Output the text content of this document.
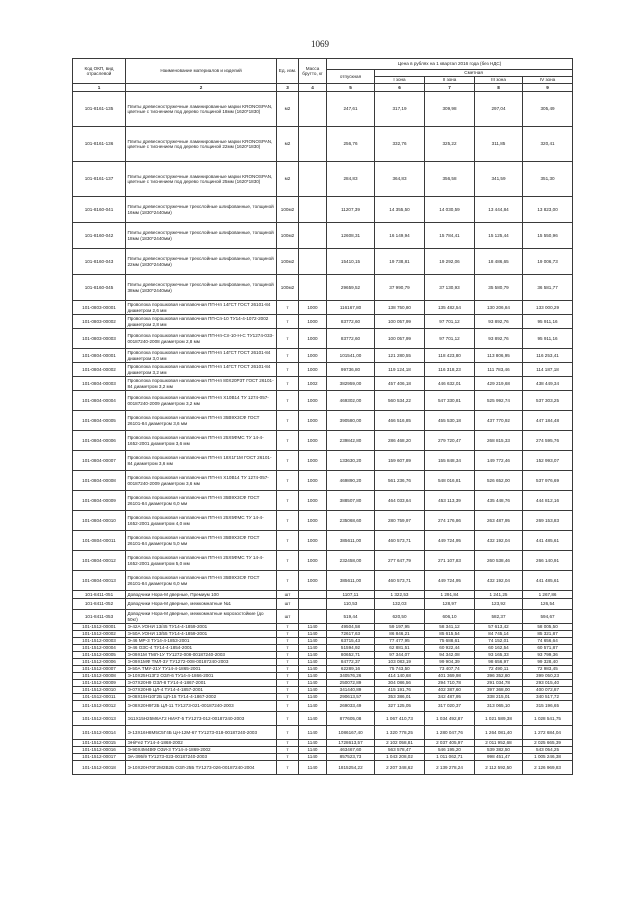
1069
Код ОКП, вид отраслевой	Наименование материалов и изделий	Ед. изм.	Масса брутто, кг	Цена в рублях на 1 квартал 2016 года (без НДС)				
				отпускная	Сметная			
					I зона	II зона	III зона	IV зона
1	2	3	4	5	6	7	8	9
101-8161-135	Плиты древесностружечные ламинированные марки KRONOSPAN, цветные с тиснением под дерево толщиной 18мм (1620*1830)	м2		247,61	317,19	309,98	297,04	305,49
101-8161-136	Плиты древесностружечные ламинированные марки KRONOSPAN, цветные с тиснением под дерево толщиной 22мм (1620*1830)	м2		256,76	332,76	325,22	311,85	320,41
101-8161-137	Плиты древесностружечные ламинированные марки KRONOSPAN, цветные с тиснением под дерево толщиной 25мм (1620*1830)	м2		284,83	364,83	356,58	341,59	351,30
101-8160-041	Плиты древесностружечные трехслойные шлифованные, толщиной 16мм (1830*2440мм)	100м2		11207,39	14 355,50	14 030,59	13 444,84	13 823,00
101-8160-042	Плиты древесностружечные трехслойные шлифованные, толщиной 18мм (1830*2440мм)	100м2		12608,31	16 149,94	15 784,41	15 125,44	15 550,96
101-8160-043	Плиты древесностружечные трехслойные шлифованные, толщиной 22мм (1830*2440мм)	100м2		15410,15	19 738,81	19 292,06	18 486,65	19 006,73
101-8160-045	Плиты древесностружечные трехслойные шлифованные, толщиной 38мм (1830*2440мм)	100м2		29659,52	37 990,79	37 130,93	35 580,79	36 581,77
101-0803-00001	Проволока порошковая наплавочная ПП-Нп 14ГСТ ГОСТ 26101-84 диаметром 2,6 мм	т	1000	116167,80	138 750,80	135 482,54	130 206,84	133 000,29
101-0803-00002	Проволока порошковая наплавочная ПП-Сп-10 ТУ14-4-1072-2002 диаметром 2,8 мм	т	1000	83772,60	100 057,99	97 701,12	93 892,76	95 911,16
101-0803-00003	Проволока порошковая наплавочная ПП-Нп-Сп-10-Н-С ТУ1274-033-00187240-2008 диаметром 2,8 мм	т	1000	83772,60	100 057,99	97 701,12	93 892,76	95 911,16
101-0804-00001	Проволока порошковая наплавочная ПП-Нп 14ГСТ ГОСТ 26101-84 диаметром 3,0 мм	т	1000	101541,00	121 280,55	118 423,80	113 806,95	116 253,41
101-0804-00002	Проволока порошковая наплавочная ПП-Нп 14ГСТ ГОСТ 26101-84 диаметром 3,2 мм	т	1000	99736,80	119 124,18	116 318,23	111 783,46	114 187,18
101-0804-00003	Проволока порошковая наплавочная ПП-Нп 80Х20Р3Т ГОСТ 26101-84 диаметром 3,2 мм	т	1002	382959,00	457 406,18	446 632,01	429 219,68	438 449,34
101-0804-00004	Проволока порошковая наплавочная ПП-Нп Х10В14 ТУ 1274-057-00187240-2009 диаметром 3,2 мм	т	1000	469302,00	560 534,22	547 330,81	525 992,74	537 303,25
101-0804-00005	Проволока порошковая наплавочная ПП-Нп 35В9Х3СФ ГОСТ 26101-84 диаметром 3,6 мм	т	1000	390580,00	466 516,85	455 530,18	437 770,92	447 184,48
101-0804-00006	Проволока порошковая наплавочная ПП-Нп 25Х5ФМС ТУ 14-4-1652-2001 диаметром 3,6 мм	т	1000	239842,80	286 468,20	279 720,47	268 815,33	274 595,76
101-0804-00007	Проволока порошковая наплавочная ПП-Нп 18Х1Г1М ГОСТ 26101-84 диаметром 3,6 мм	т	1000	133630,20	159 607,89	155 848,34	149 772,46	152 993,07
101-0804-00008	Проволока порошковая наплавочная ПП-Нп Х10В14 ТУ 1274-057-00187240-2009 диаметром 3,6 мм	т	1000	469890,20	561 236,76	548 016,81	526 652,00	537 976,69
101-0804-00009	Проволока порошковая наплавочная ПП-Нп 35В9Х3СФ ГОСТ 26101-84 диаметром 6,0 мм	т	1000	388507,80	464 033,64	453 113,39	435 448,76	444 812,16
101-0804-00010	Проволока порошковая наплавочная ПП-Нп 25Х5ФМС ТУ 14-4-1652-2001 диаметром 4,0 мм	т	1000	235068,60	280 759,97	274 176,86	263 487,95	269 153,83
101-0804-00011	Проволока порошковая наплавочная ПП-Нп 35В9Х3СФ ГОСТ 26101-84 диаметром 5,0 мм	т	1000	385611,00	460 573,71	449 724,95	432 192,04	441 485,61
101-0804-00012	Проволока порошковая наплавочная ПП-Нп 25Х5ФМС ТУ 14-4-1652-2001 диаметром 5,0 мм	т	1000	232458,00	277 647,79	271 107,83	260 538,46	266 140,91
101-0804-00013	Проволока порошковая наплавочная ПП-Нп 35В9Х3СФ ГОСТ 26101-84 диаметром 6,0 мм	т	1000	385611,00	460 573,71	449 724,95	432 192,04	441 485,61
101-8411-051	Доводчики Нора-М дверные, Премиум 100	шт		1107,11	1 322,53	1 291,84	1 241,25	1 267,86
101-8411-052	Доводчики Нора-М дверные, межкомнатные №1	шт		110,53	132,03	128,97	123,92	126,54
101-8411-053	Доводчики Нора-М дверные, межкомнатные морозостойкие (до 50кг)	шт		519,44	620,50	606,10	582,37	594,67
101-1512-00001	Э-42А УОНИ 13/45 ТУ14-4-1859-2001	т	1140	49504,58	59 197,95	58 341,12	57 613,42	58 005,50
101-1512-00002	Э-50А УОНИ 13/55 ТУ14-4-1859-2001	т	1140	72617,63	86 846,21	85 615,54	84 745,14	85 321,87
101-1512-00003	Э-46 МР-3 ТУ14-4-1853-2001	т	1140	63715,43	77 477,95	75 688,61	74 152,01	74 656,64
101-1512-00004	Э-46 ОЗС-4 ТУ14-4-1854-2001	т	1140	51594,92	62 881,51	60 922,44	60 162,54	60 571,87
101-1512-00005	Э-09Х1М ТМЛ-1У ТУ1272-008-00187240-2003	т	1140	80652,71	97 344,07	94 342,08	93 165,33	93 799,36
101-1512-00006	Э-09Х1МФ ТМЛ-3У ТУ1272-008-00187240-2003	т	1140	84772,37	103 083,19	99 904,39	98 656,97	99 328,40
101-1512-00007	Э-50А ТМУ-21У ТУ14-4-1865-2001	т	1140	62289,16	75 743,50	73 407,74	72 490,11	72 983,45
101-1512-00008	Э-10Х25Н13Г2 ОЗЛ-6 ТУ14-4-1866-2001	т	1140	340576,26	414 140,68	401 369,98	396 352,80	399 050,23
101-1512-00009	Э-07Х20Н9 ОЗЛ-8 ТУ14-4-1867-2001	т	1140	250072,89	304 086,56	294 710,78	291 034,78	293 015,40
101-1512-00010	Э-07Х20Н9 ЦЛ-4 ТУ14-4-1857-2001	т	1140	341440,89	415 191,76	402 387,60	397 368,00	400 072,87
101-1512-00011	Э-08Х19Н10Г2Б ЦЛ-15 ТУ14-4-1867-2002	т	1140	290613,57	353 386,01	342 487,95	338 215,01	340 517,72
101-1512-00012	Э-08Х20Н9Г2Б ЦЛ-11 ТУ1273-021-00187240-2003	т	1140	269033,49	327 125,05	317 020,37	313 065,10	315 196,65
101-1512-00013	Э11Х15Н25М6АГ2 НИАТ-5 ТУ1273-012-00187240-2003	т	1140	877605,08	1 067 410,73	1 034 492,87	1 021 589,38	1 028 541,75
101-1512-00014	Э-13Х16Н8М5С5Г4Б ЦН-12М-67 ТУ1273-018-00187240-2003	т	1140	1086167,40	1 320 778,25	1 280 047,76	1 264 081,40	1 272 684,04
101-1512-00015	ЭНiFe2 ТУ14-4-1868-2002	т	1140	1728613,57	2 102 058,81	2 037 405,97	2 011 952,68	2 025 665,39
101-1512-00016	Э-90Х4М4ВФ ОЗИ-3 ТУ14-4-1869-2002	т	1140	463467,60	563 578,47	546 195,20	539 382,50	543 054,25
101-1512-00017	ЭА-395/9 ТУ1273-023-00187240-2003	т	1140	857523,73	1 043 208,02	1 011 062,71	998 451,47	1 005 246,38
101-1512-00018	Э-10Х20Н70Г2М2В2Б ОЗЛ-25Б ТУ1273-026-00187240-2004	т	1140	1815254,22	2 207 348,62	2 139 278,24	2 112 592,50	2 126 969,83
